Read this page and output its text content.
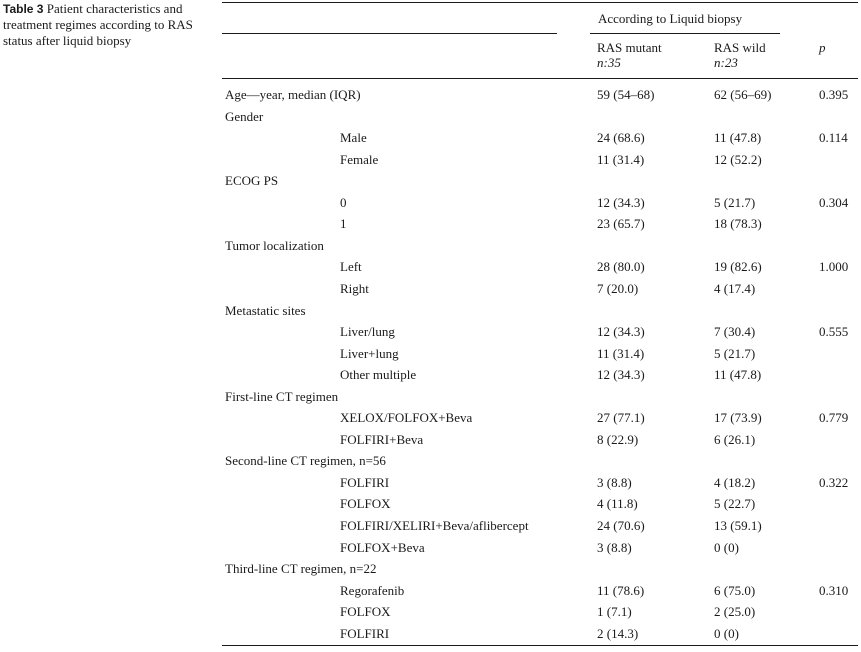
Table 3 Patient characteristics and treatment regimes according to RAS status after liquid biopsy
According to Liquid biopsy
RAS mutant
n:35
RAS wild
n:23
p
Age—year, median (IQR)	59 (54–68)	62 (56–69)	0.395
Gender
Male	24 (68.6)	11 (47.8)	0.114
Female	11 (31.4)	12 (52.2)
ECOG PS
0	12 (34.3)	5 (21.7)	0.304
1	23 (65.7)	18 (78.3)
Tumor localization
Left	28 (80.0)	19 (82.6)	1.000
Right	7 (20.0)	4 (17.4)
Metastatic sites
Liver/lung	12 (34.3)	7 (30.4)	0.555
Liver+lung	11 (31.4)	5 (21.7)
Other multiple	12 (34.3)	11 (47.8)
First-line CT regimen
XELOX/FOLFOX+Beva	27 (77.1)	17 (73.9)	0.779
FOLFIRI+Beva	8 (22.9)	6 (26.1)
Second-line CT regimen, n=56
FOLFIRI	3 (8.8)	4 (18.2)	0.322
FOLFOX	4 (11.8)	5 (22.7)
FOLFIRI/XELIRI+Beva/aflibercept	24 (70.6)	13 (59.1)
FOLFOX+Beva	3 (8.8)	0 (0)
Third-line CT regimen, n=22
Regorafenib	11 (78.6)	6 (75.0)	0.310
FOLFOX	1 (7.1)	2 (25.0)
FOLFIRI	2 (14.3)	0 (0)
